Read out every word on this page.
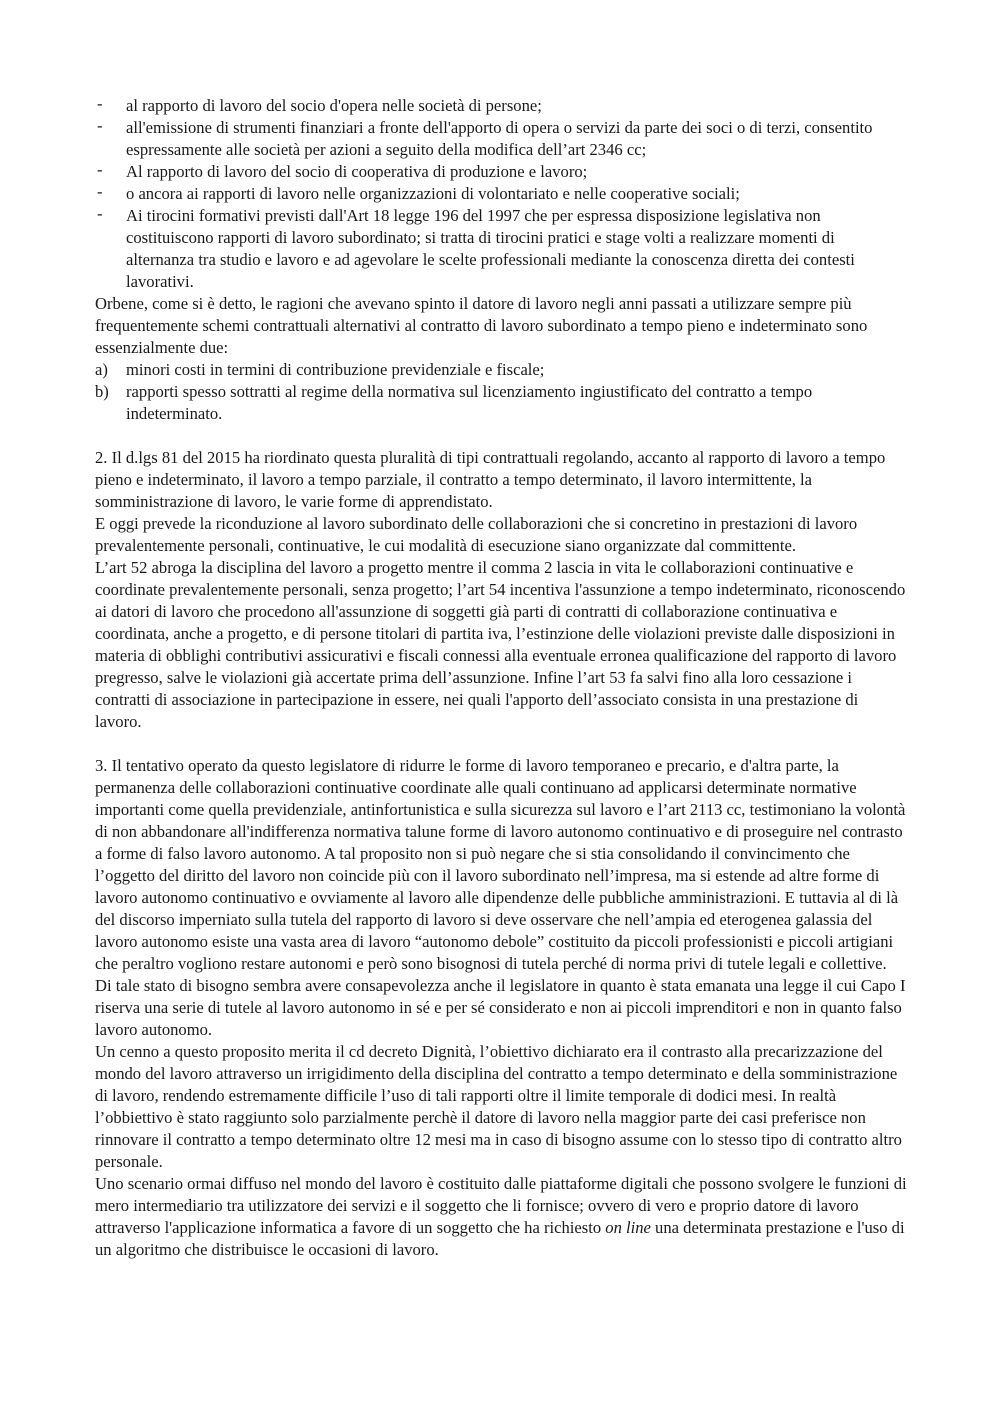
- al rapporto di lavoro del socio d'opera nelle società di persone;
- all'emissione di strumenti finanziari a fronte dell'apporto di opera o servizi da parte dei soci o di terzi, consentito espressamente alle società per azioni a seguito della modifica dell’art 2346 cc;
- Al rapporto di lavoro del socio di cooperativa di produzione e lavoro;
- o ancora ai rapporti di lavoro nelle organizzazioni di volontariato e nelle cooperative sociali;
- Ai tirocini formativi previsti dall'Art 18 legge 196 del 1997 che per espressa disposizione legislativa non costituiscono rapporti di lavoro subordinato; si tratta di tirocini pratici e stage volti a realizzare momenti di alternanza tra studio e lavoro e ad agevolare le scelte professionali mediante la conoscenza diretta dei contesti lavorativi.

Orbene, come si è detto, le ragioni che avevano spinto il datore di lavoro negli anni passati a utilizzare sempre più frequentemente schemi contrattuali alternativi al contratto di lavoro subordinato a tempo pieno e indeterminato sono essenzialmente due:

a) minori costi in termini di contribuzione previdenziale e fiscale;
b) rapporti spesso sottratti al regime della normativa sul licenziamento ingiustificato del contratto a tempo indeterminato.

2. Il d.lgs 81 del 2015 ha riordinato questa pluralità di tipi contrattuali regolando, accanto al rapporto di lavoro a tempo pieno e indeterminato, il lavoro a tempo parziale, il contratto a tempo determinato, il lavoro intermittente, la somministrazione di lavoro, le varie forme di apprendistato.

E oggi prevede la riconduzione al lavoro subordinato delle collaborazioni che si concretino in prestazioni di lavoro prevalentemente personali, continuative, le cui modalità di esecuzione siano organizzate dal committente.

L’art 52 abroga la disciplina del lavoro a progetto mentre il comma 2 lascia in vita le collaborazioni continuative e coordinate prevalentemente personali, senza progetto; l’art 54 incentiva l'assunzione a tempo indeterminato, riconoscendo ai datori di lavoro che procedono all'assunzione di soggetti già parti di contratti di collaborazione continuativa e coordinata, anche a progetto, e di persone titolari di partita iva, l’estinzione delle violazioni previste dalle disposizioni in materia di obblighi contributivi assicurativi e fiscali connessi alla eventuale erronea qualificazione del rapporto di lavoro pregresso, salve le violazioni già accertate prima dell’assunzione. Infine l’art 53 fa salvi fino alla loro cessazione i contratti di associazione in partecipazione in essere, nei quali l'apporto dell’associato consista in una prestazione di lavoro.

3. Il tentativo operato da questo legislatore di ridurre le forme di lavoro temporaneo e precario, e d'altra parte, la permanenza delle collaborazioni continuative coordinate alle quali continuano ad applicarsi determinate normative importanti come quella previdenziale, antinfortunistica e sulla sicurezza sul lavoro e l’art 2113 cc, testimoniano la volontà di non abbandonare all'indifferenza normativa talune forme di lavoro autonomo continuativo e di proseguire nel contrasto a forme di falso lavoro autonomo. A tal proposito non si può negare che si stia consolidando il convincimento che l’oggetto del diritto del lavoro non coincide più con il lavoro subordinato nell’impresa, ma si estende ad altre forme di lavoro autonomo continuativo e ovviamente al lavoro alle dipendenze delle pubbliche amministrazioni. E tuttavia al di là del discorso imperniato sulla tutela del rapporto di lavoro si deve osservare che nell’ampia ed eterogenea galassia del lavoro autonomo esiste una vasta area di lavoro “autonomo debole” costituito da piccoli professionisti e piccoli artigiani che peraltro vogliono restare autonomi e però sono bisognosi di tutela perché di norma privi di tutele legali e collettive.

Di tale stato di bisogno sembra avere consapevolezza anche il legislatore in quanto è stata emanata una legge il cui Capo I riserva una serie di tutele al lavoro autonomo in sé e per sé considerato e non ai piccoli imprenditori e non in quanto falso lavoro autonomo.

Un cenno a questo proposito merita il cd decreto Dignità, l’obiettivo dichiarato era il contrasto alla precarizzazione del mondo del lavoro attraverso un irrigidimento della disciplina del contratto a tempo determinato e della somministrazione di lavoro, rendendo estremamente difficile l’uso di tali rapporti oltre il limite temporale di dodici mesi. In realtà l’obbiettivo è stato raggiunto solo parzialmente perchè il datore di lavoro nella maggior parte dei casi preferisce non rinnovare il contratto a tempo determinato oltre 12 mesi ma in caso di bisogno assume con lo stesso tipo di contratto altro personale.

Uno scenario ormai diffuso nel mondo del lavoro è costituito dalle piattaforme digitali che possono svolgere le funzioni di mero intermediario tra utilizzatore dei servizi e il soggetto che li fornisce; ovvero di vero e proprio datore di lavoro attraverso l'applicazione informatica a favore di un soggetto che ha richiesto on line una determinata prestazione e l'uso di un algoritmo che distribuisce le occasioni di lavoro.
